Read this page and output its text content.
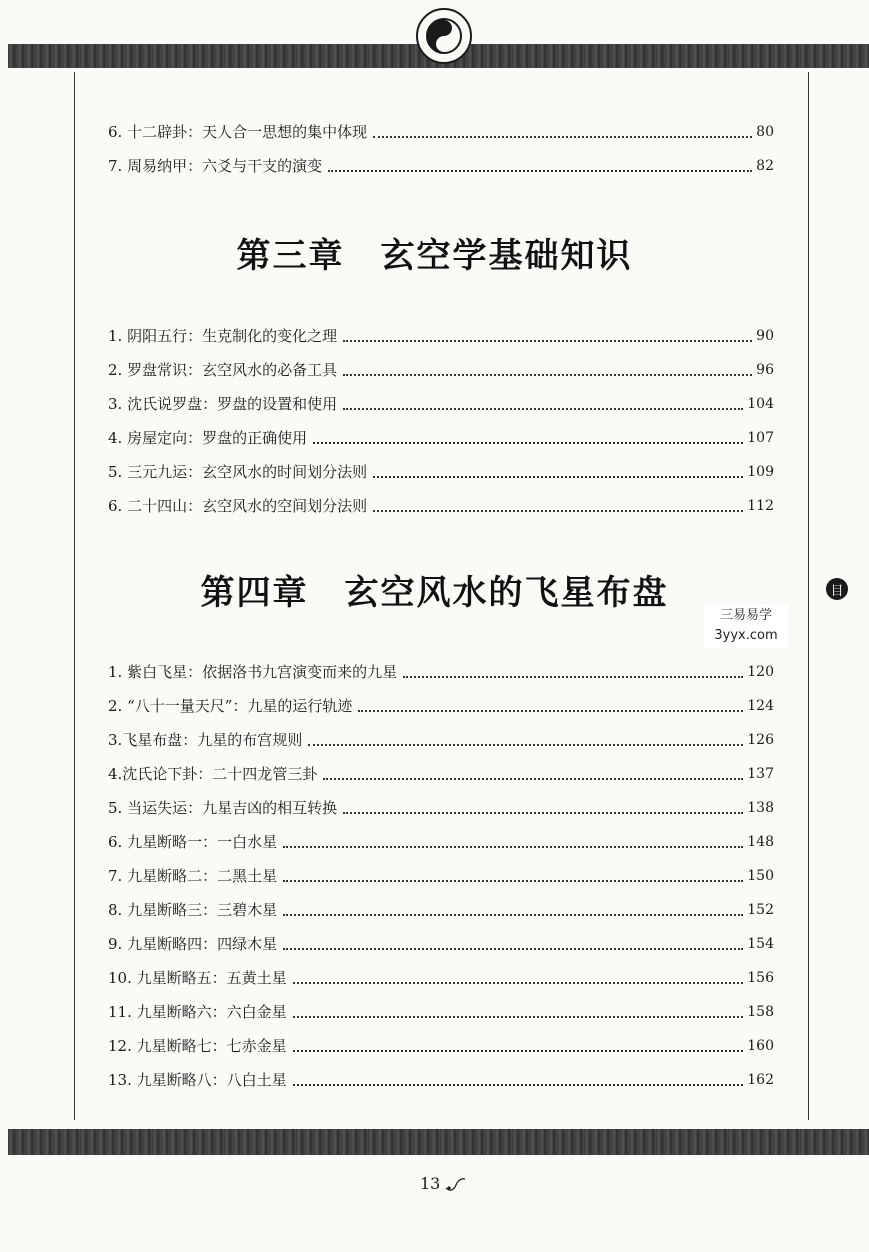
6. 十二辟卦：天人合一思想的集中体现	80
7. 周易纳甲：六爻与干支的演变	82
第三章　玄空学基础知识
1. 阴阳五行：生克制化的变化之理	90
2. 罗盘常识：玄空风水的必备工具	96
3. 沈氏说罗盘：罗盘的设置和使用	104
4. 房屋定向：罗盘的正确使用	107
5. 三元九运：玄空风水的时间划分法则	109
6. 二十四山：玄空风水的空间划分法则	112
第四章　玄空风水的飞星布盘	目
三易易学
3yyx.com
1. 紫白飞星：依据洛书九宫演变而来的九星	120
2. “八十一量天尺”：九星的运行轨迹	124
3.飞星布盘：九星的布宫规则	126
4.沈氏论下卦：二十四龙管三卦	137
5. 当运失运：九星吉凶的相互转换	138
6. 九星断略一：一白水星	148
7. 九星断略二：二黑土星	150
8. 九星断略三：三碧木星	152
9. 九星断略四：四绿木星	154
10. 九星断略五：五黄土星	156
11. 九星断略六：六白金星	158
12. 九星断略七：七赤金星	160
13. 九星断略八：八白土星	162
13
